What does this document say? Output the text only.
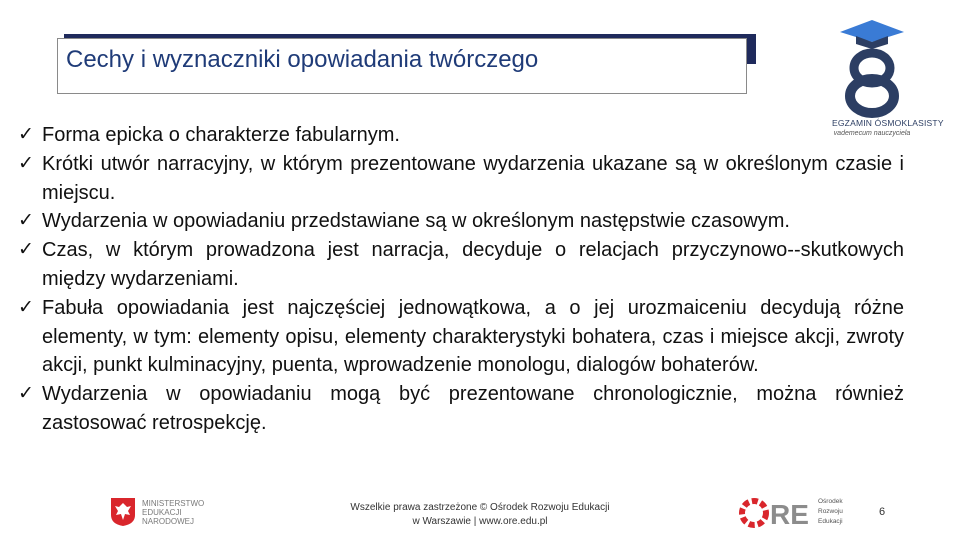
Cechy i wyznaczniki opowiadania twórczego
EGZAMIN ÓSMOKLASISTY
vademecum nauczyciela
✓ Forma epicka o charakterze fabularnym.
✓ Krótki utwór narracyjny, w którym prezentowane wydarzenia ukazane są w określonym czasie i miejscu.
✓ Wydarzenia w opowiadaniu przedstawiane są w określonym następstwie czasowym.
✓ Czas, w którym prowadzona jest narracja, decyduje o relacjach przyczynowo--skutkowych między wydarzeniami.
✓ Fabuła opowiadania jest najczęściej jednowątkowa, a o jej urozmaiceniu decydują różne elementy, w tym: elementy opisu, elementy charakterystyki bohatera, czas i miejsce akcji, zwroty akcji, punkt kulminacyjny, puenta, wprowadzenie monologu, dialogów bohaterów.
✓ Wydarzenia w opowiadaniu mogą być prezentowane chronologicznie, można również zastosować retrospekcję.
MINISTERSTWO
EDUKACJI
NARODOWEJ
Wszelkie prawa zastrzeżone © Ośrodek Rozwoju Edukacji
w Warszawie | www.ore.edu.pl	RE Ośrodek
Rozwoju
Edukacji
6
